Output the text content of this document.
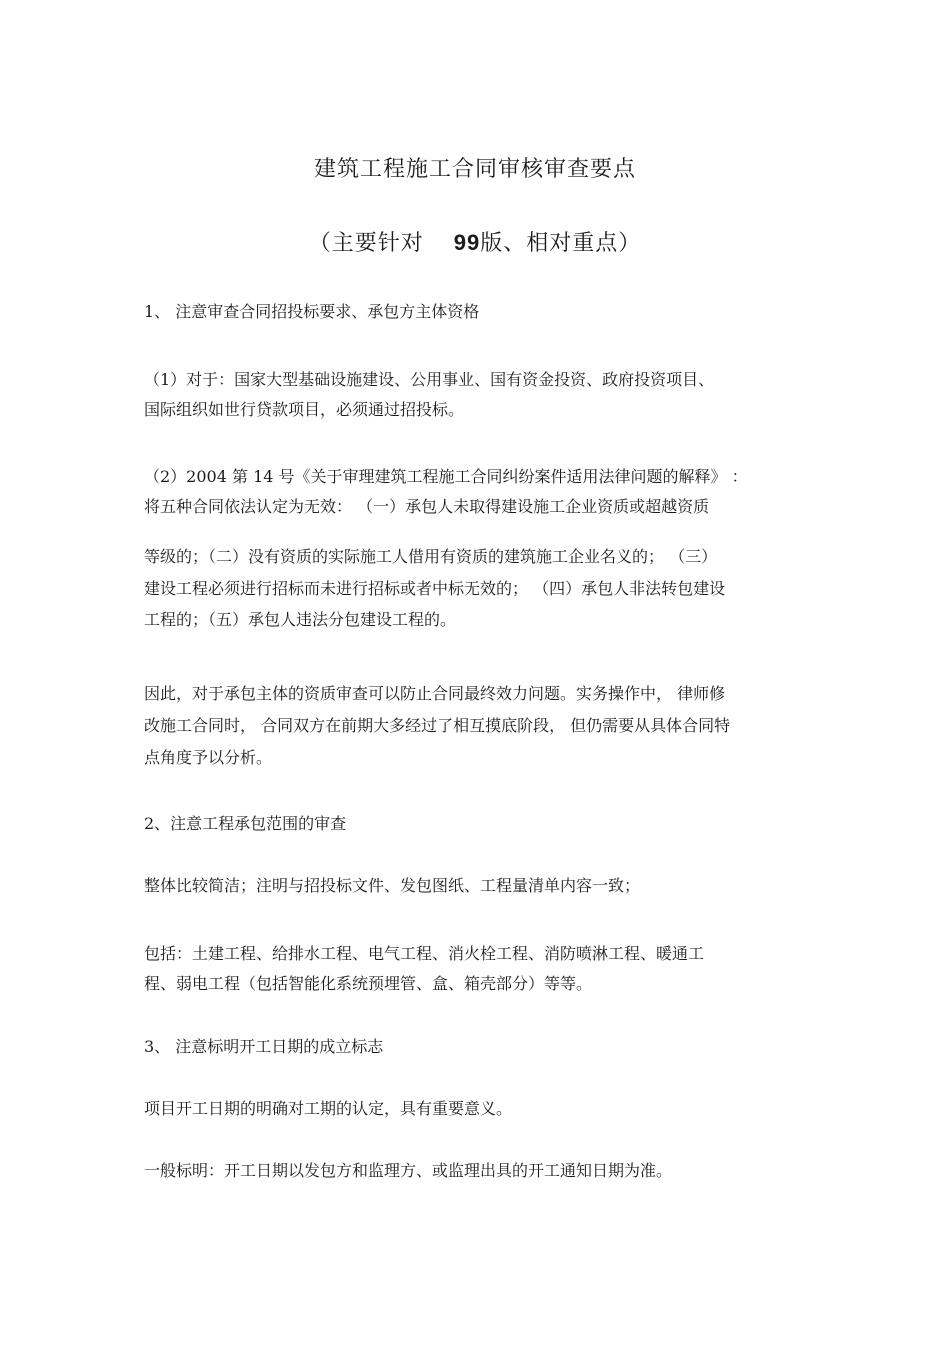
建筑工程施工合同审核审查要点
（主要针对 99版、相对重点）
1、 注意审查合同招投标要求、承包方主体资格
（1）对于：国家大型基础设施建设、公用事业、国有资金投资、政府投资项目、
国际组织如世行贷款项目，必须通过招投标。
（2）2004 第 14 号《关于审理建筑工程施工合同纠纷案件适用法律问题的解释》 ：
将五种合同依法认定为无效： （一）承包人未取得建设施工企业资质或超越资质
等级的；（二）没有资质的实际施工人借用有资质的建筑施工企业名义的； （三）
建设工程必须进行招标而未进行招标或者中标无效的； （四）承包人非法转包建设
工程的；（五）承包人违法分包建设工程的。
因此，对于承包主体的资质审查可以防止合同最终效力问题。实务操作中， 律师修
改施工合同时， 合同双方在前期大多经过了相互摸底阶段， 但仍需要从具体合同特
点角度予以分析。
2、注意工程承包范围的审查
整体比较简洁；注明与招投标文件、发包图纸、工程量清单内容一致；
包括：土建工程、给排水工程、电气工程、消火栓工程、消防喷淋工程、暖通工
程、弱电工程（包括智能化系统预埋管、盒、箱壳部分）等等。
3、 注意标明开工日期的成立标志
项目开工日期的明确对工期的认定，具有重要意义。
一般标明：开工日期以发包方和监理方、或监理出具的开工通知日期为准。
